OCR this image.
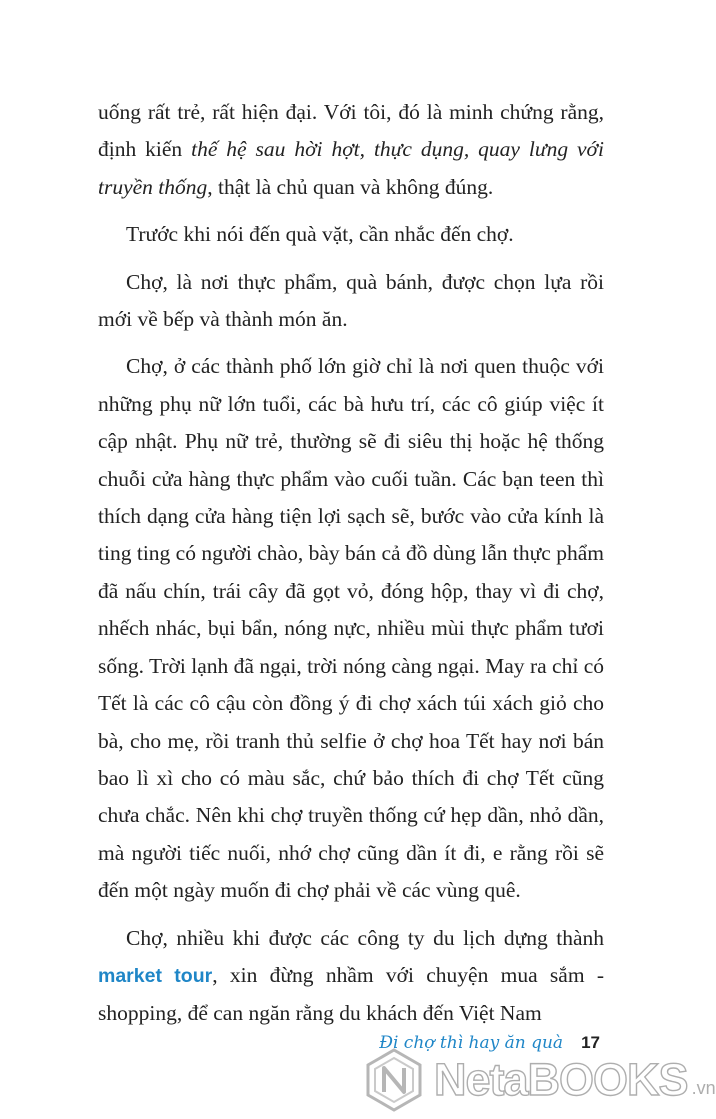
uống rất trẻ, rất hiện đại. Với tôi, đó là minh chứng rằng, định kiến thế hệ sau hời hợt, thực dụng, quay lưng với truyền thống, thật là chủ quan và không đúng.

Trước khi nói đến quà vặt, cần nhắc đến chợ.

Chợ, là nơi thực phẩm, quà bánh, được chọn lựa rồi mới về bếp và thành món ăn.

Chợ, ở các thành phố lớn giờ chỉ là nơi quen thuộc với những phụ nữ lớn tuổi, các bà hưu trí, các cô giúp việc ít cập nhật. Phụ nữ trẻ, thường sẽ đi siêu thị hoặc hệ thống chuỗi cửa hàng thực phẩm vào cuối tuần. Các bạn teen thì thích dạng cửa hàng tiện lợi sạch sẽ, bước vào cửa kính là ting ting có người chào, bày bán cả đồ dùng lẫn thực phẩm đã nấu chín, trái cây đã gọt vỏ, đóng hộp, thay vì đi chợ, nhếch nhác, bụi bẩn, nóng nực, nhiều mùi thực phẩm tươi sống. Trời lạnh đã ngại, trời nóng càng ngại. May ra chỉ có Tết là các cô cậu còn đồng ý đi chợ xách túi xách giỏ cho bà, cho mẹ, rồi tranh thủ selfie ở chợ hoa Tết hay nơi bán bao lì xì cho có màu sắc, chứ bảo thích đi chợ Tết cũng chưa chắc. Nên khi chợ truyền thống cứ hẹp dần, nhỏ dần, mà người tiếc nuối, nhớ chợ cũng dần ít đi, e rằng rồi sẽ đến một ngày muốn đi chợ phải về các vùng quê.

Chợ, nhiều khi được các công ty du lịch dựng thành market tour, xin đừng nhầm với chuyện mua sắm - shopping, để can ngăn rằng du khách đến Việt Nam

Đi chợ thì hay ăn quà 17
NetaBOOKS .vn
